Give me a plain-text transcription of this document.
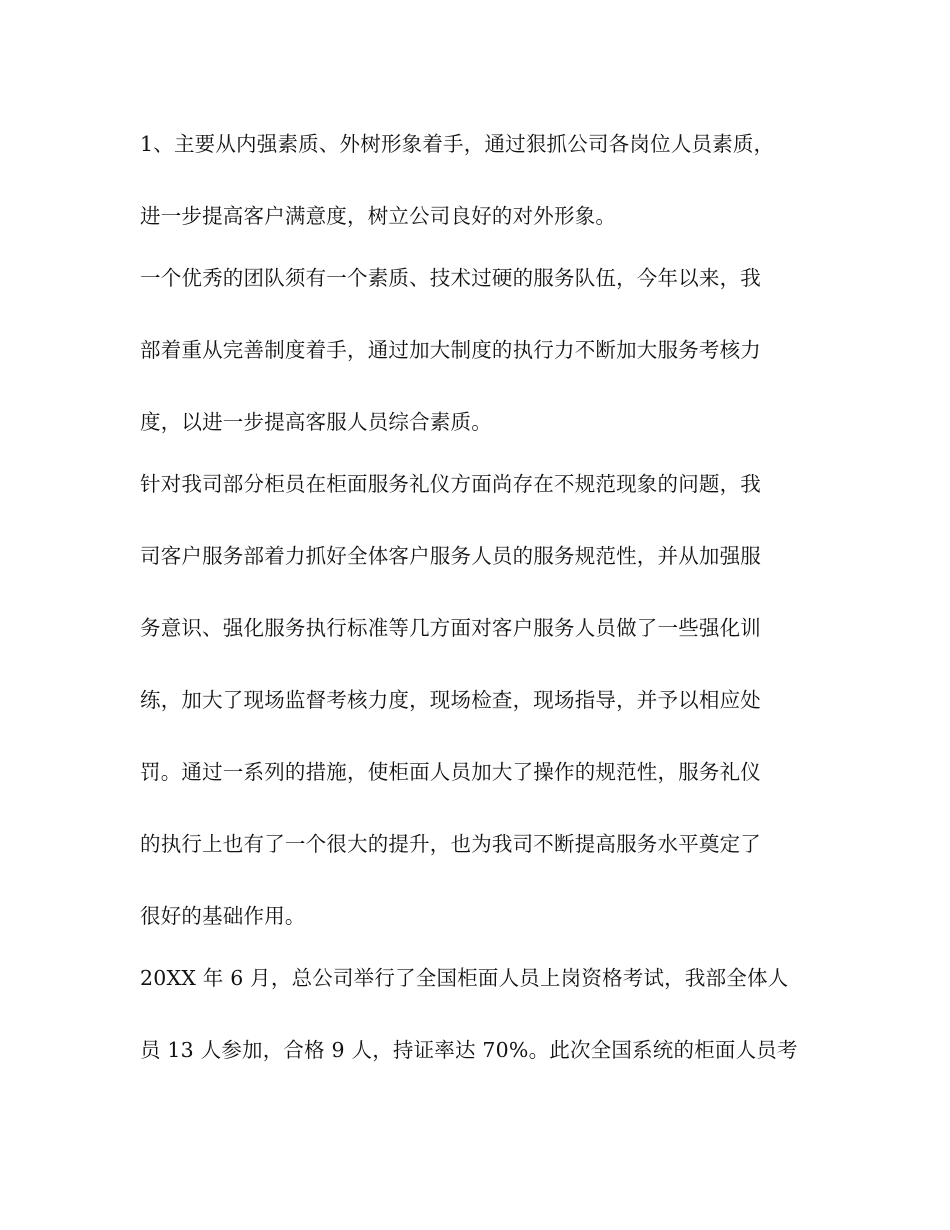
1、主要从内强素质、外树形象着手，通过狠抓公司各岗位人员素质，
进一步提高客户满意度，树立公司良好的对外形象。
一个优秀的团队须有一个素质、技术过硬的服务队伍，今年以来，我
部着重从完善制度着手，通过加大制度的执行力不断加大服务考核力
度，以进一步提高客服人员综合素质。
针对我司部分柜员在柜面服务礼仪方面尚存在不规范现象的问题，我
司客户服务部着力抓好全体客户服务人员的服务规范性，并从加强服
务意识、强化服务执行标准等几方面对客户服务人员做了一些强化训
练，加大了现场监督考核力度，现场检查，现场指导，并予以相应处
罚。通过一系列的措施，使柜面人员加大了操作的规范性，服务礼仪
的执行上也有了一个很大的提升，也为我司不断提高服务水平奠定了
很好的基础作用。
20XX 年 6 月，总公司举行了全国柜面人员上岗资格考试，我部全体人
员 13 人参加，合格 9 人，持证率达 70%。此次全国系统的柜面人员考
